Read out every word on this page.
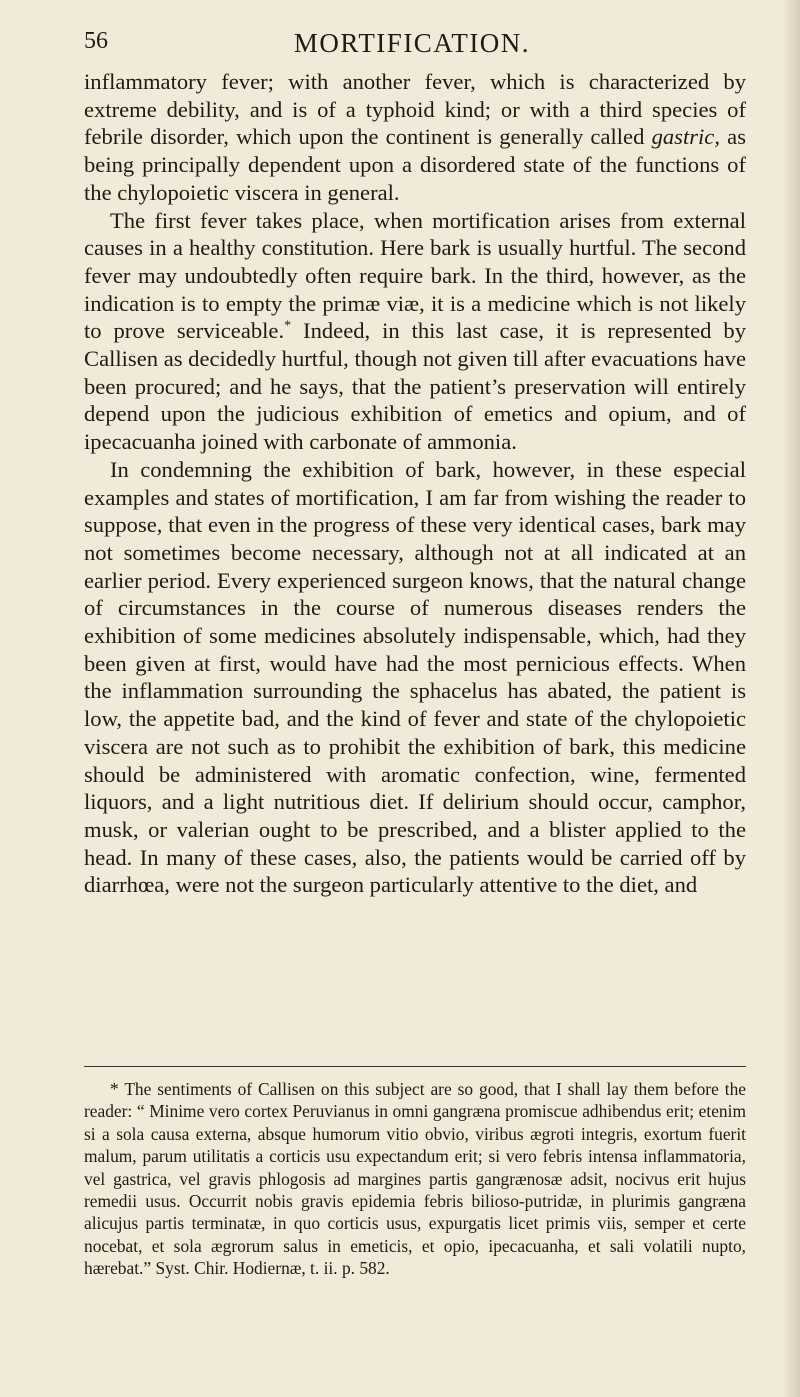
56	MORTIFICATION.

inflammatory fever; with another fever, which is characterized by extreme debility, and is of a typhoid kind; or with a third species of febrile disorder, which upon the continent is generally called gastric, as being principally dependent upon a disordered state of the functions of the chylopoietic viscera in general.

The first fever takes place, when mortification arises from external causes in a healthy constitution. Here bark is usually hurtful. The second fever may undoubtedly often require bark. In the third, however, as the indication is to empty the primæ viæ, it is a medicine which is not likely to prove serviceable.* Indeed, in this last case, it is represented by Callisen as decidedly hurtful, though not given till after evacuations have been procured; and he says, that the patient’s preservation will entirely depend upon the judicious exhibition of emetics and opium, and of ipecacuanha joined with carbonate of ammonia.

In condemning the exhibition of bark, however, in these especial examples and states of mortification, I am far from wishing the reader to suppose, that even in the progress of these very identical cases, bark may not sometimes become necessary, although not at all indicated at an earlier period. Every experienced surgeon knows, that the natural change of circumstances in the course of numerous diseases renders the exhibition of some medicines absolutely indispensable, which, had they been given at first, would have had the most pernicious effects. When the inflammation surrounding the sphacelus has abated, the patient is low, the appetite bad, and the kind of fever and state of the chylopoietic viscera are not such as to prohibit the exhibition of bark, this medicine should be administered with aromatic confection, wine, fermented liquors, and a light nutritious diet. If delirium should occur, camphor, musk, or valerian ought to be prescribed, and a blister applied to the head. In many of these cases, also, the patients would be carried off by diarrhœa, were not the surgeon particularly attentive to the diet, and

* The sentiments of Callisen on this subject are so good, that I shall lay them before the reader: “ Minime vero cortex Peruvianus in omni gangræna promiscue adhibendus erit; etenim si a sola causa externa, absque humorum vitio obvio, viribus ægroti integris, exortum fuerit malum, parum utilitatis a corticis usu expectandum erit; si vero febris intensa inflammatoria, vel gastrica, vel gravis phlogosis ad margines partis gangrænosæ adsit, nocivus erit hujus remedii usus. Occurrit nobis gravis epidemia febris bilioso-putridæ, in plurimis gangræna alicujus partis terminatæ, in quo corticis usus, expurgatis licet primis viis, semper et certe nocebat, et sola ægrorum salus in emeticis, et opio, ipecacuanha, et sali volatili nupto, hærebat.” Syst. Chir. Hodiernæ, t. ii. p. 582.
